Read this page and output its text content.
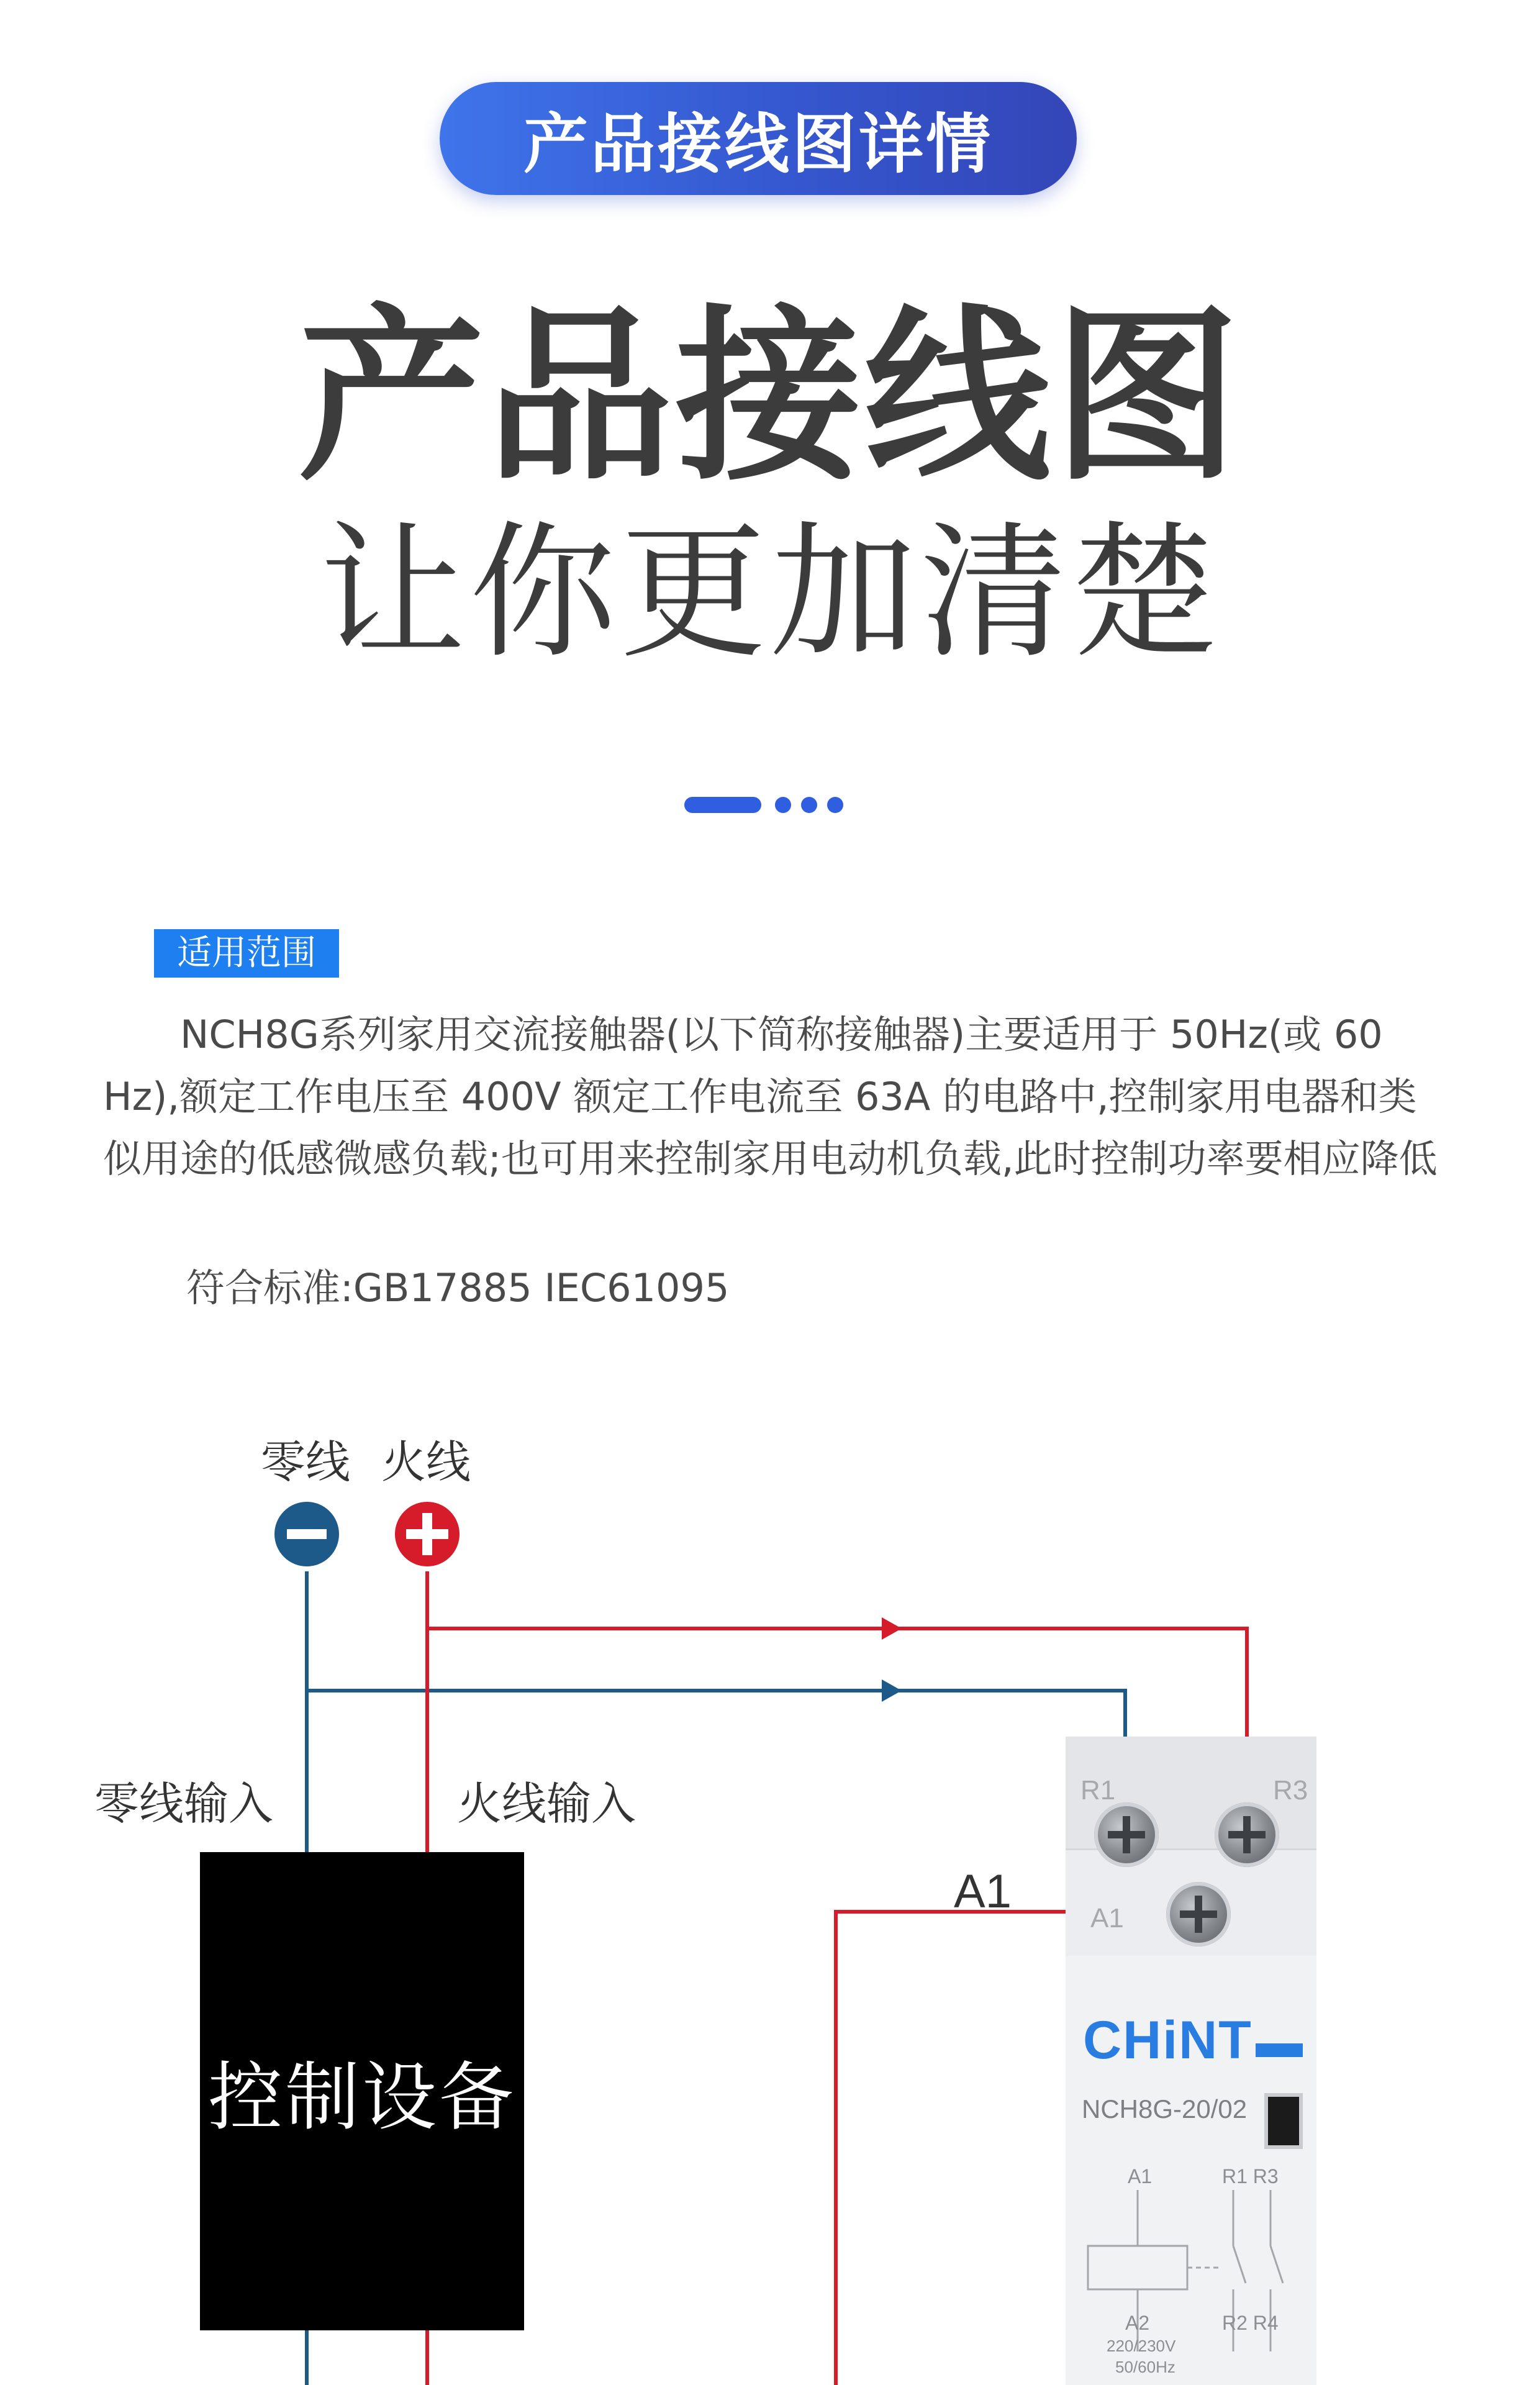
产品接线图详情
产品接线图
让你更加清楚
适用范围

NCH8G系列家用交流接触器(以下简称接触器)主要适用于 50Hz(或 60 Hz),额定工作电压至 400V 额定工作电流至 63A 的电路中,控制家用电器和类似用途的低感微感负载;也可用来控制家用电动机负载,此时控制功率要相应降低

符合标准:GB17885 IEC61095
零线 火线
零线输入	火线输入
A1
控制设备
R1	R3
A1
CHiNT
NCH8G-20/02
A1	R1 R3
A2	R2 R4
220/230V
50/60Hz
